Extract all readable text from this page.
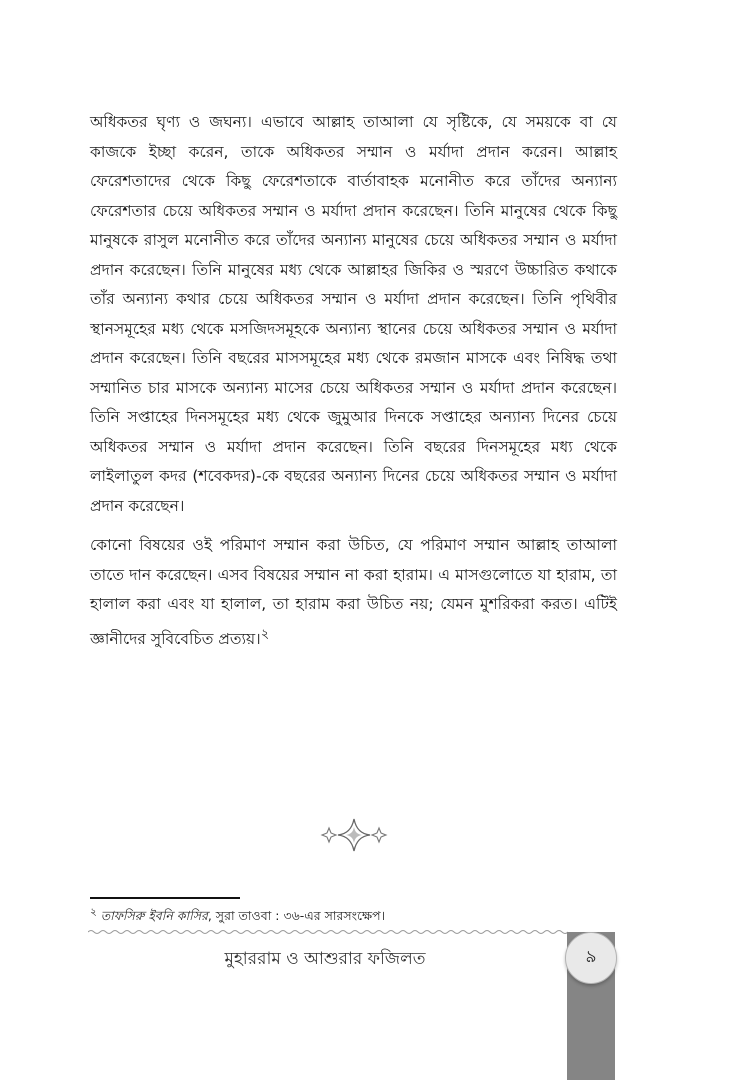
অধিকতর ঘৃণ্য ও জঘন্য। এভাবে আল্লাহ তাআলা যে সৃষ্টিকে, যে সময়কে বা যে কাজকে ইচ্ছা করেন, তাকে অধিকতর সম্মান ও মর্যাদা প্রদান করেন। আল্লাহ ফেরেশতাদের থেকে কিছু ফেরেশতাকে বার্তাবাহক মনোনীত করে তাঁদের অন্যান্য ফেরেশতার চেয়ে অধিকতর সম্মান ও মর্যাদা প্রদান করেছেন। তিনি মানুষের থেকে কিছু মানুষকে রাসুল মনোনীত করে তাঁদের অন্যান্য মানুষের চেয়ে অধিকতর সম্মান ও মর্যাদা প্রদান করেছেন। তিনি মানুষের মধ্য থেকে আল্লাহর জিকির ও স্মরণে উচ্চারিত কথাকে তাঁর অন্যান্য কথার চেয়ে অধিকতর সম্মান ও মর্যাদা প্রদান করেছেন। তিনি পৃথিবীর স্থানসমূহের মধ্য থেকে মসজিদসমূহকে অন্যান্য স্থানের চেয়ে অধিকতর সম্মান ও মর্যাদা প্রদান করেছেন। তিনি বছরের মাসসমূহের মধ্য থেকে রমজান মাসকে এবং নিষিদ্ধ তথা সম্মানিত চার মাসকে অন্যান্য মাসের চেয়ে অধিকতর সম্মান ও মর্যাদা প্রদান করেছেন। তিনি সপ্তাহের দিনসমূহের মধ্য থেকে জুমুআর দিনকে সপ্তাহের অন্যান্য দিনের চেয়ে অধিকতর সম্মান ও মর্যাদা প্রদান করেছেন। তিনি বছরের দিনসমূহের মধ্য থেকে লাইলাতুল কদর (শবেকদর)-কে বছরের অন্যান্য দিনের চেয়ে অধিকতর সম্মান ও মর্যাদা প্রদান করেছেন।

কোনো বিষয়ের ওই পরিমাণ সম্মান করা উচিত, যে পরিমাণ সম্মান আল্লাহ তাআলা তাতে দান করেছেন। এসব বিষয়ের সম্মান না করা হারাম। এ মাসগুলোতে যা হারাম, তা হালাল করা এবং যা হালাল, তা হারাম করা উচিত নয়; যেমন মুশরিকরা করত। এটিই জ্ঞানীদের সুবিবেচিত প্রত্যয়।$^২$

$^২$ তাফসিরু ইবনি কাসির, সুরা তাওবা : ৩৬-এর সারসংক্ষেপ।
মুহাররাম ও আশুরার ফজিলত	৯
